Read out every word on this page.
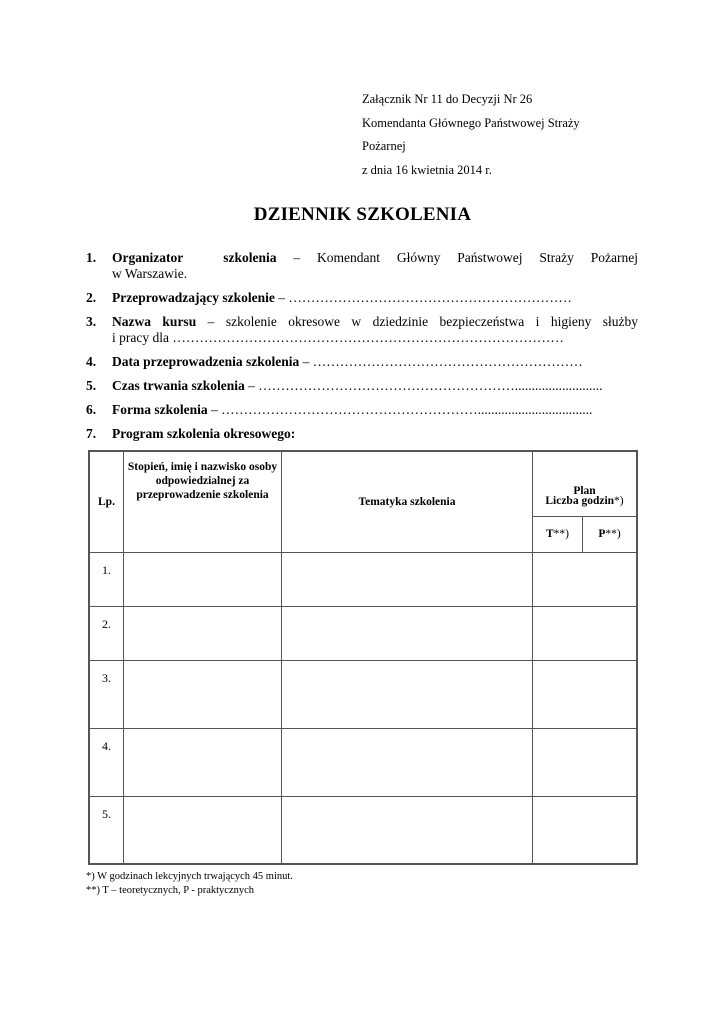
Załącznik Nr 11 do Decyzji Nr 26
Komendanta Głównego Państwowej Straży
Pożarnej
z dnia 16 kwietnia 2014 r.
DZIENNIK SZKOLENIA
1.	Organizator	szkolenia – Komendant Główny Państwowej Straży Pożarnej
w Warszawie.
2.	Przeprowadzający szkolenie – ………………………………………………………
3.	Nazwa kursu – szkolenie okresowe w dziedzinie bezpieczeństwa i higieny służby
i pracy dla ……………………………………………………………………………
4.	Data przeprowadzenia szkolenia – ……………………………………………………
5.	Czas trwania szkolenia – …………………………………………………..........................
6.	Forma szkolenia – …………………………………………………..................................
7.	Program szkolenia okresowego:
Lp.	Stopień, imię i nazwisko osoby odpowiedzialnej za przeprowadzenie szkolenia	Tematyka szkolenia	Plan
Liczba godzin*)	

			T**)	P**)
1.				
2.				
3.				
4.				
5.				
*) W godzinach lekcyjnych trwających 45 minut.
**) T – teoretycznych, P - praktycznych
